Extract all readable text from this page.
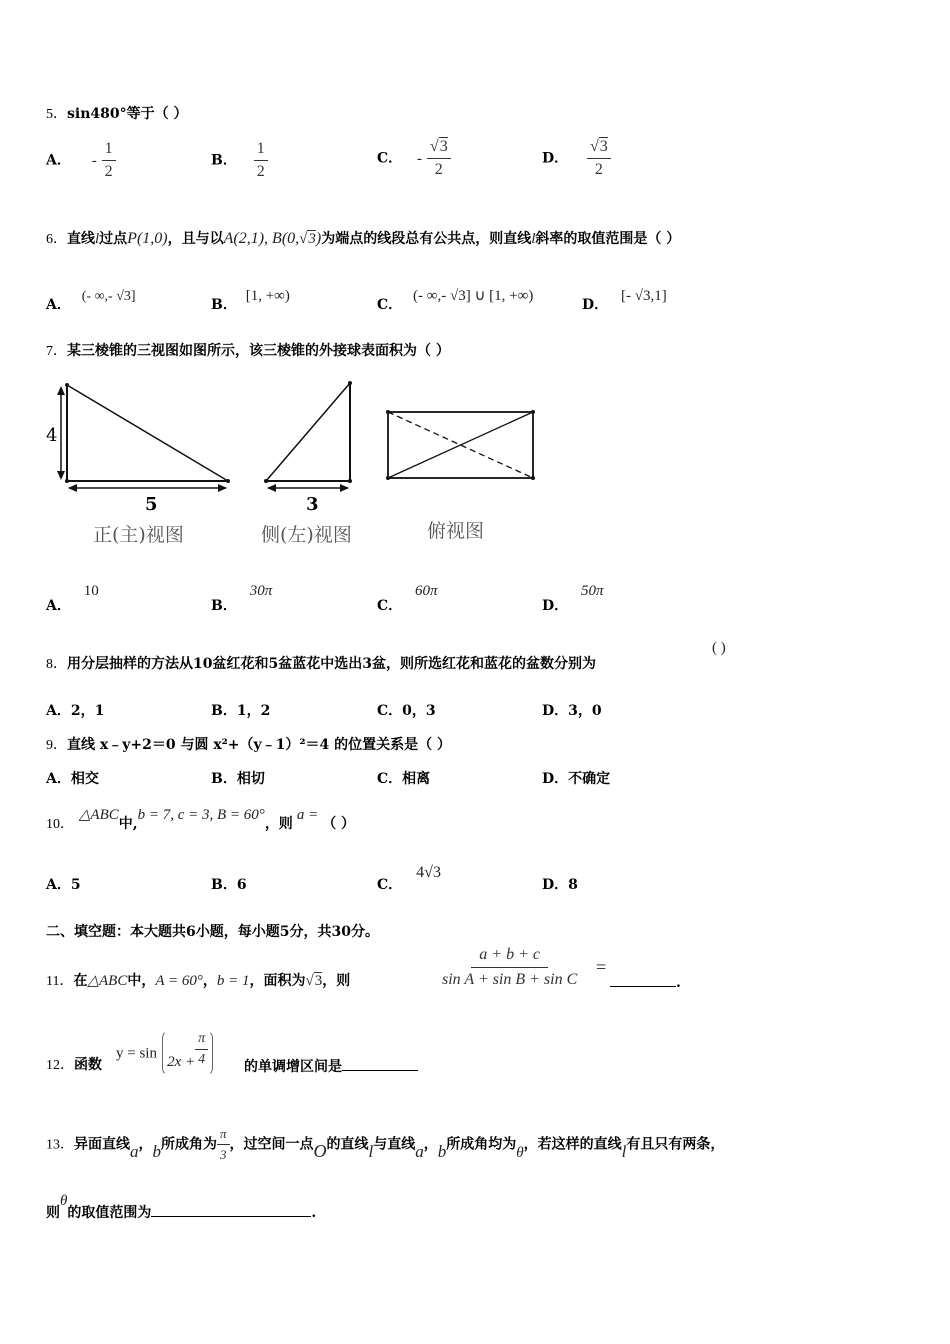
5．sin480°等于（ ）
A． - $\frac{1}{2}$	B． $\frac{1}{2}$	C． - $\frac{√3}{2}$	D． $\frac{√3}{2}$
6．直线l过点P(1,0)，且与以A(2,1), B(0,√3)为端点的线段总有公共点，则直线l斜率的取值范围是（ ）
A． (- ∞,- √3]
B． [1, +∞)
C． (- ∞,- √3] ∪ [1, +∞)
D． [- √3,1]
7．某三棱锥的三视图如图所示，该三棱锥的外接球表面积为（ ）
4
5
正(主)视图
3
侧(左)视图	俯视图
A． 10
B． 30π
C． 60π
D． 50π
8．用分层抽样的方法从10盆红花和5盆蓝花中选出3盆，则所选红花和蓝花的盆数分别为
( )
A．2，1	B．1，2	C．0，3	D．3，0
9．直线 x﹣y+2＝0 与圆 x²+（y﹣1）²＝4 的位置关系是（ ）
A．相交	B．相切	C．相离	D．不确定
10． △ABC中,b = 7, c = 3, B = 60°，则a =（ ）
A．5	B．6	C．4√3
D．8
二、填空题：本大题共6小题，每小题5分，共30分。
11．在△ABC中，A = 60°，b = 1，面积为√3，则	$\frac{a + b + c}{\text{sin A + sin B + sin C}}$ =
.
12．函数
$y = \sin 2x + \frac{\pi}{4}$	的单调增区间是
13．异面直线a，b所成角为 $\frac{\pi}{3}$ ，过空间一点O的直线l与直线a，b所成角均为θ，若这样的直线l有且只有两条，
则θ的取值范围为	.
